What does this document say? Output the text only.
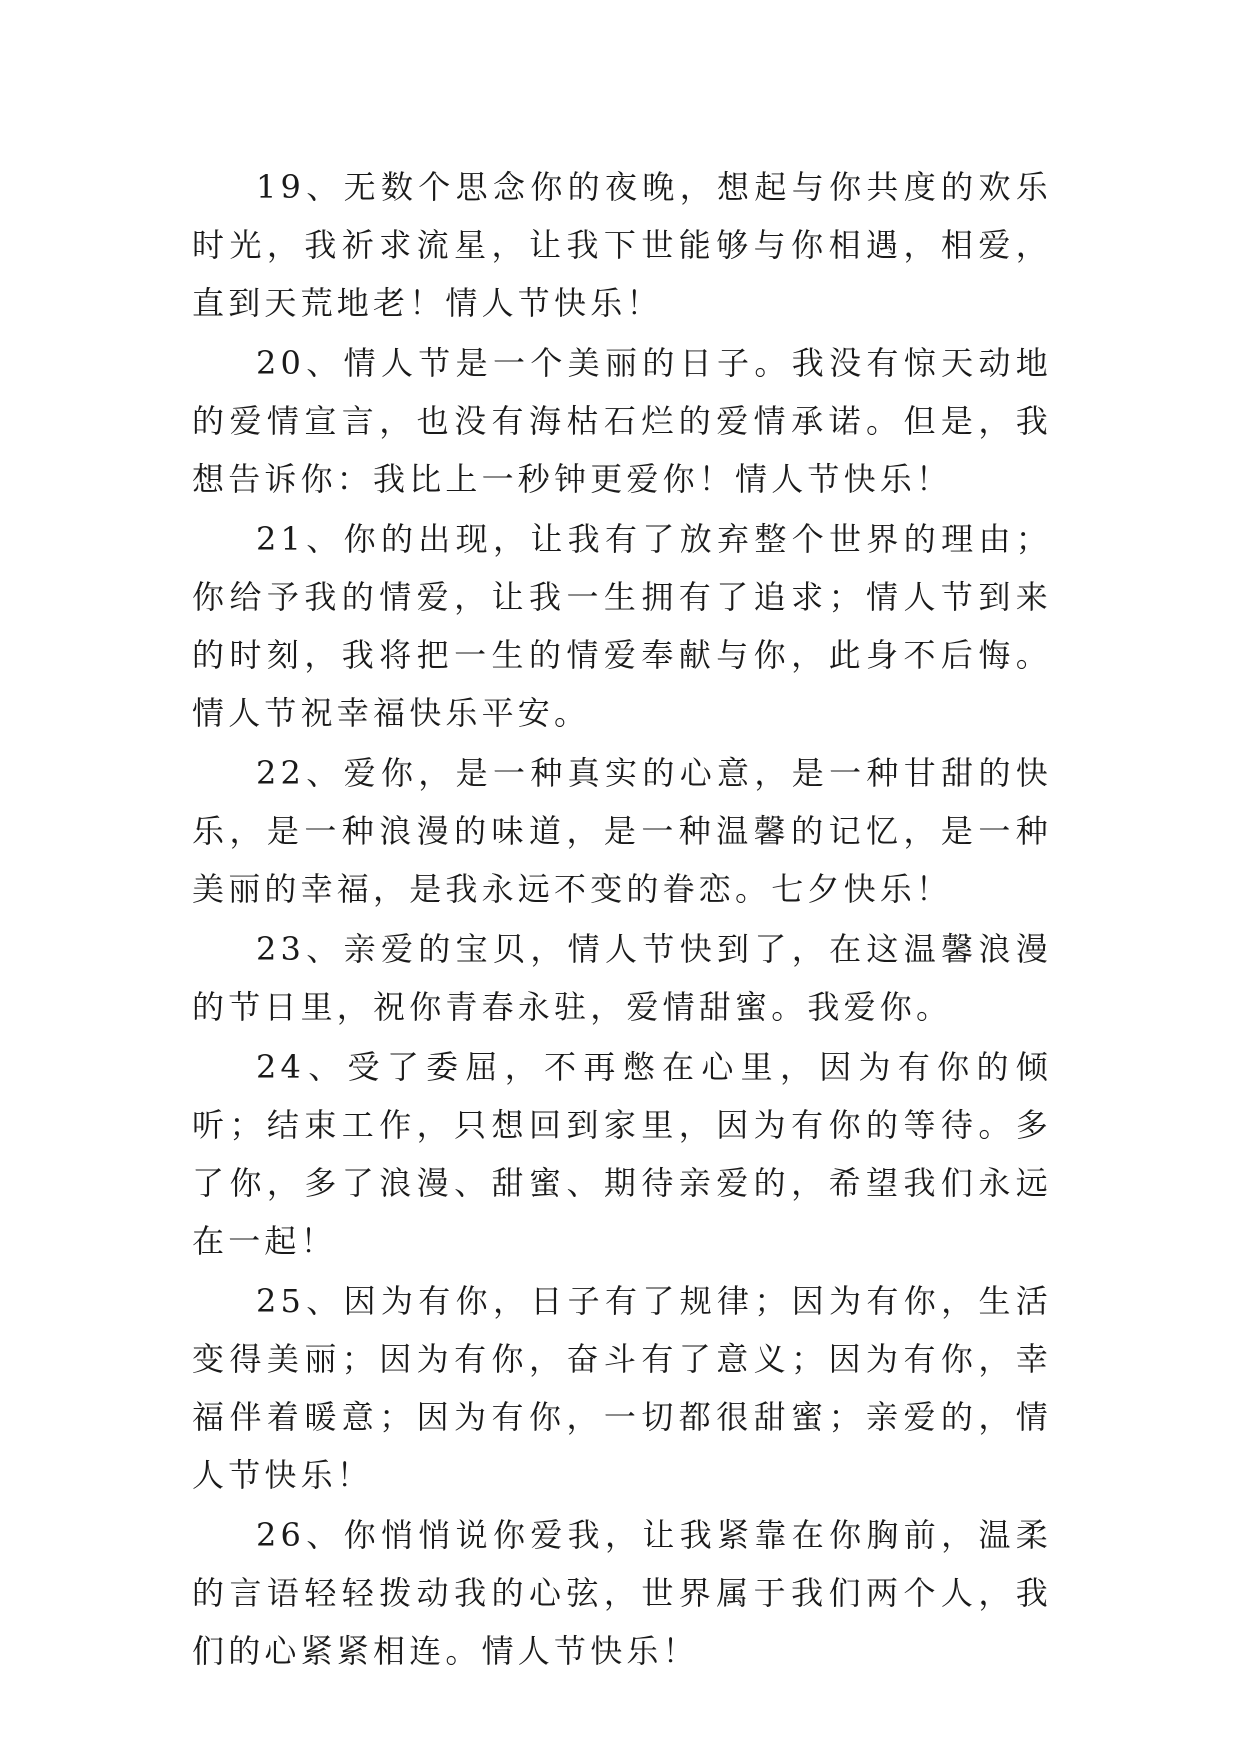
19、无数个思念你的夜晚，想起与你共度的欢乐时光，我祈求流星，让我下世能够与你相遇，相爱，直到天荒地老！情人节快乐！

20、情人节是一个美丽的日子。我没有惊天动地的爱情宣言，也没有海枯石烂的爱情承诺。但是，我想告诉你：我比上一秒钟更爱你！情人节快乐！

21、你的出现，让我有了放弃整个世界的理由；你给予我的情爱，让我一生拥有了追求；情人节到来的时刻，我将把一生的情爱奉献与你，此身不后悔。情人节祝幸福快乐平安。

22、爱你，是一种真实的心意，是一种甘甜的快乐，是一种浪漫的味道，是一种温馨的记忆，是一种美丽的幸福，是我永远不变的眷恋。七夕快乐！

23、亲爱的宝贝，情人节快到了，在这温馨浪漫的节日里，祝你青春永驻，爱情甜蜜。我爱你。

24、受了委屈，不再憋在心里，因为有你的倾听；结束工作，只想回到家里，因为有你的等待。多了你，多了浪漫、甜蜜、期待亲爱的，希望我们永远在一起！

25、因为有你，日子有了规律；因为有你，生活变得美丽；因为有你，奋斗有了意义；因为有你，幸福伴着暖意；因为有你，一切都很甜蜜；亲爱的，情人节快乐！

26、你悄悄说你爱我，让我紧靠在你胸前，温柔的言语轻轻拨动我的心弦，世界属于我们两个人，我们的心紧紧相连。情人节快乐！
